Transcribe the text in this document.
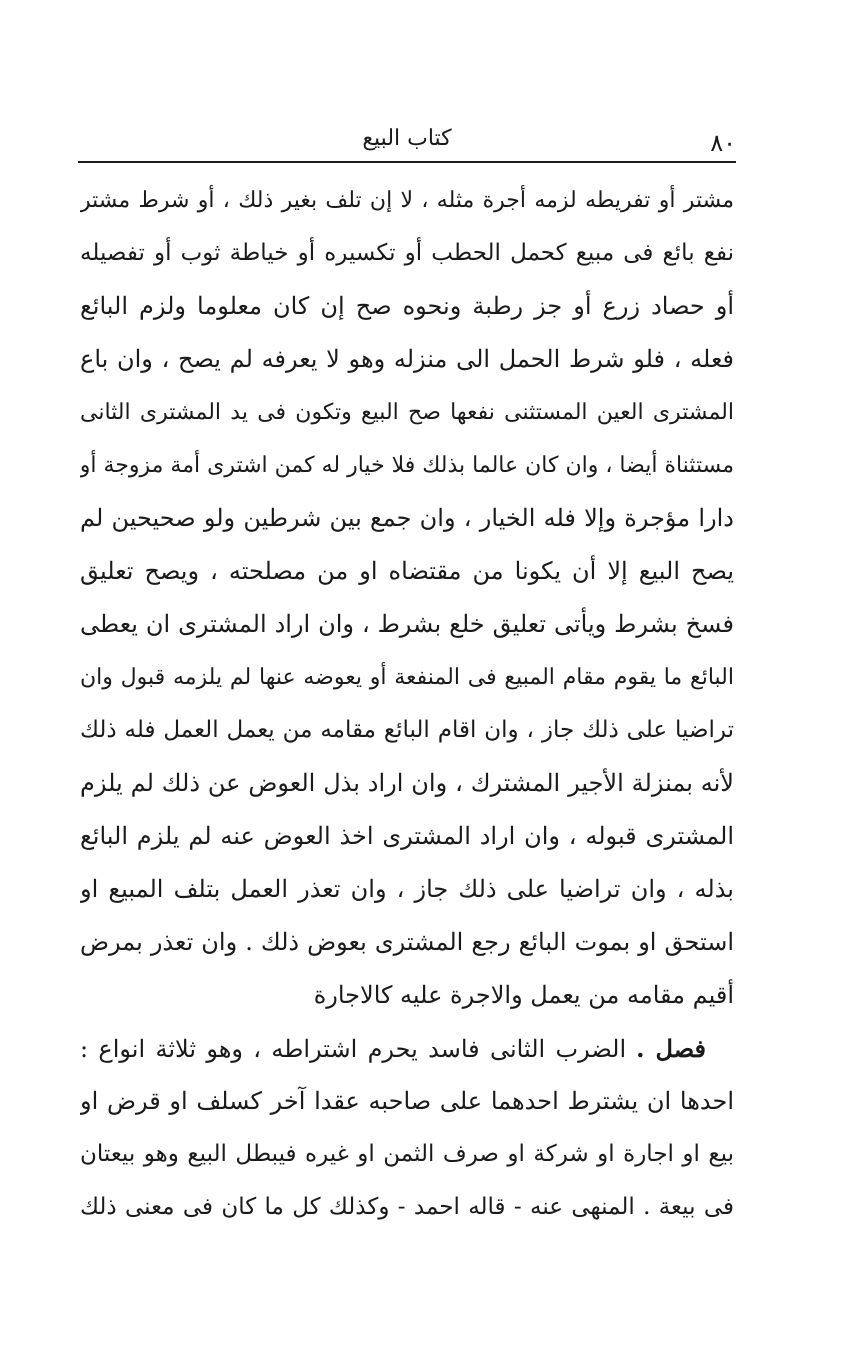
٨٠
كتاب البيع
مشتر أو تفريطه لزمه أجرة مثله ، لا إن تلف بغير ذلك ، أو شرط مشتر
نفع بائع فى مبيع كحمل الحطب أو تكسيره أو خياطة ثوب أو تفصيله
أو حصاد زرع أو جز رطبة ونحوه صح إن كان معلوما ولزم البائع
فعله ، فلو شرط الحمل الى منزله وهو لا يعرفه لم يصح ، وان باع
المشترى العين المستثنى نفعها صح البيع وتكون فى يد المشترى الثانى
مستثناة أيضا ، وان كان عالما بذلك فلا خيار له كمن اشترى أمة مزوجة أو
دارا مؤجرة وإلا فله الخيار ، وان جمع بين شرطين ولو صحيحين لم
يصح البيع إلا أن يكونا من مقتضاه او من مصلحته ، ويصح تعليق
فسخ بشرط ويأتى تعليق خلع بشرط ، وان اراد المشترى ان يعطى
البائع ما يقوم مقام المبيع فى المنفعة أو يعوضه عنها لم يلزمه قبول وان
تراضيا على ذلك جاز ، وان اقام البائع مقامه من يعمل العمل فله ذلك
لأنه بمنزلة الأجير المشترك ، وان اراد بذل العوض عن ذلك لم يلزم
المشترى قبوله ، وان اراد المشترى اخذ العوض عنه لم يلزم البائع
بذله ، وان تراضيا على ذلك جاز ، وان تعذر العمل بتلف المبيع او
استحق او بموت البائع رجع المشترى بعوض ذلك . وان تعذر بمرض
أقيم مقامه من يعمل والاجرة عليه كالاجارة
فصل .الضرب الثانى فاسد يحرم اشتراطه ، وهو ثلاثة انواع :
احدها ان يشترط احدهما على صاحبه عقدا آخر كسلف او قرض او
بيع او اجارة او شركة او صرف الثمن او غيره فيبطل البيع وهو بيعتان
فى بيعة . المنهى عنه - قاله احمد - وكذلك كل ما كان فى معنى ذلك
